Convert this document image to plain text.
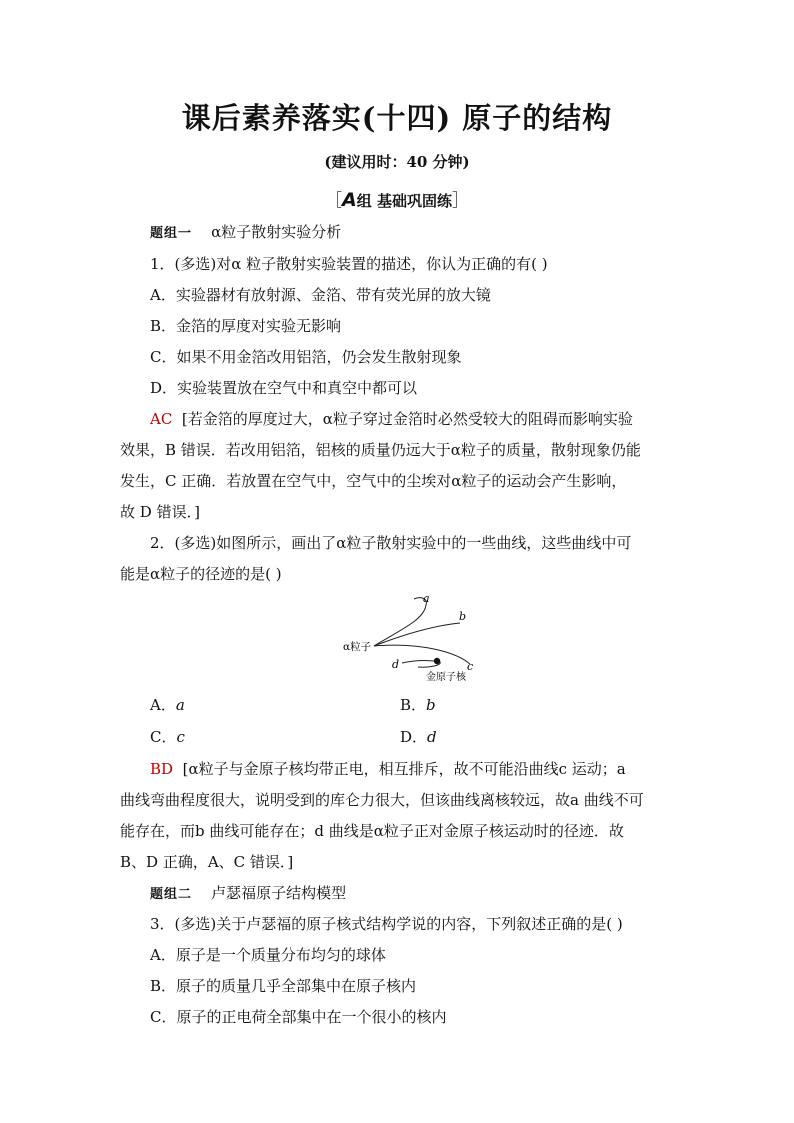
课后素养落实(十四) 原子的结构
(建议用时：40 分钟)
［A组 基础巩固练］
题组一 α粒子散射实验分析
1．(多选)对α 粒子散射实验装置的描述，你认为正确的有( )
A．实验器材有放射源、金箔、带有荧光屏的放大镜
B．金箔的厚度对实验无影响
C．如果不用金箔改用铝箔，仍会发生散射现象
D．实验装置放在空气中和真空中都可以
AC [若金箔的厚度过大，α粒子穿过金箔时必然受较大的阻碍而影响实验
效果，B 错误．若改用铝箔，铝核的质量仍远大于α粒子的质量，散射现象仍能
发生，C 正确．若放置在空气中，空气中的尘埃对α粒子的运动会产生影响，
故 D 错误．]
2．(多选)如图所示，画出了α粒子散射实验中的一些曲线，这些曲线中可
能是α粒子的径迹的是( )
a
b
c
d
α粒子
金原子核
A．a	B．b
C．c	D．d
BD [α粒子与金原子核均带正电，相互排斥，故不可能沿曲线c 运动；a
曲线弯曲程度很大，说明受到的库仑力很大，但该曲线离核较远，故a 曲线不可
能存在，而b 曲线可能存在；d 曲线是α粒子正对金原子核运动时的径迹．故
B、D 正确，A、C 错误．]
题组二 卢瑟福原子结构模型
3．(多选)关于卢瑟福的原子核式结构学说的内容，下列叙述正确的是( )
A．原子是一个质量分布均匀的球体
B．原子的质量几乎全部集中在原子核内
C．原子的正电荷全部集中在一个很小的核内
